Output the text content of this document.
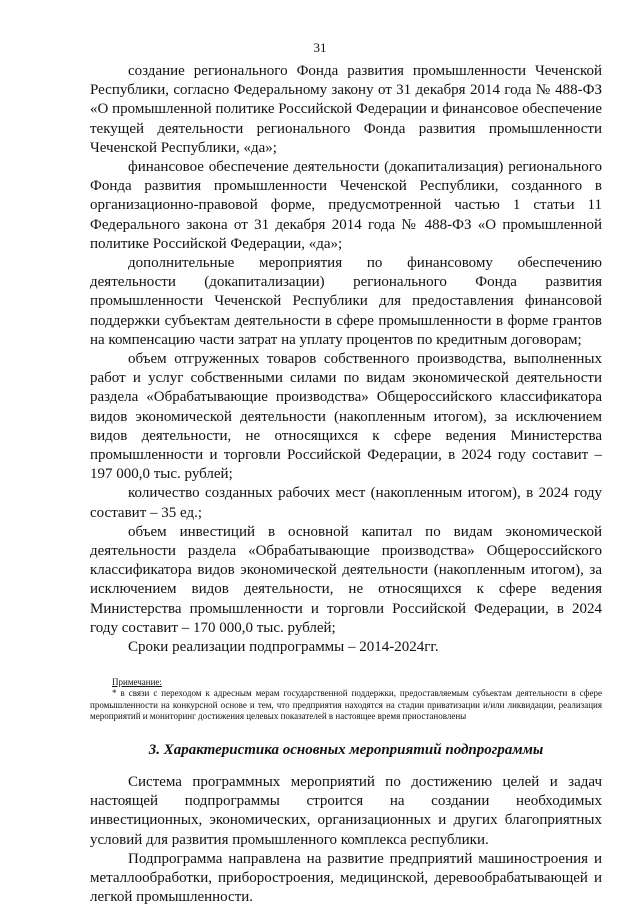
31

создание регионального Фонда развития промышленности Чеченской Республики, согласно Федеральному закону от 31 декабря 2014 года № 488-ФЗ «О промышленной политике Российской Федерации и финансовое обеспечение текущей деятельности регионального Фонда развития промышленности Чеченской Республики, «да»;

финансовое обеспечение деятельности (докапитализация) регионального Фонда развития промышленности Чеченской Республики, созданного в организационно-правовой форме, предусмотренной частью 1 статьи 11 Федерального закона от 31 декабря 2014 года № 488-ФЗ «О промышленной политике Российской Федерации, «да»;

дополнительные мероприятия по финансовому обеспечению деятельности (докапитализации) регионального Фонда развития промышленности Чеченской Республики для предоставления финансовой поддержки субъектам деятельности в сфере промышленности в форме грантов на компенсацию части затрат на уплату процентов по кредитным договорам;

объем отгруженных товаров собственного производства, выполненных работ и услуг собственными силами по видам экономической деятельности раздела «Обрабатывающие производства» Общероссийского классификатора видов экономической деятельности (накопленным итогом), за исключением видов деятельности, не относящихся к сфере ведения Министерства промышленности и торговли Российской Федерации, в 2024 году составит – 197 000,0 тыс. рублей;

количество созданных рабочих мест (накопленным итогом), в 2024 году составит – 35 ед.;

объем инвестиций в основной капитал по видам экономической деятельности раздела «Обрабатывающие производства» Общероссийского классификатора видов экономической деятельности (накопленным итогом), за исключением видов деятельности, не относящихся к сфере ведения Министерства промышленности и торговли Российской Федерации, в 2024 году составит – 170 000,0 тыс. рублей;

Сроки реализации подпрограммы – 2014-2024гг.

Примечание:

* в связи с переходом к адресным мерам государственной поддержки, предоставляемым субъектам деятельности в сфере промышленности на конкурсной основе и тем, что предприятия находятся на стадии приватизации и/или ликвидации, реализация мероприятий и мониторинг достижения целевых показателей в настоящее время приостановлены

3. Характеристика основных мероприятий подпрограммы

Система программных мероприятий по достижению целей и задач настоящей подпрограммы строится на создании необходимых инвестиционных, экономических, организационных и других благоприятных условий для развития промышленного комплекса республики.

Подпрограмма направлена на развитие предприятий машиностроения и металлообработки, приборостроения, медицинской, деревообрабатывающей и легкой промышленности.
